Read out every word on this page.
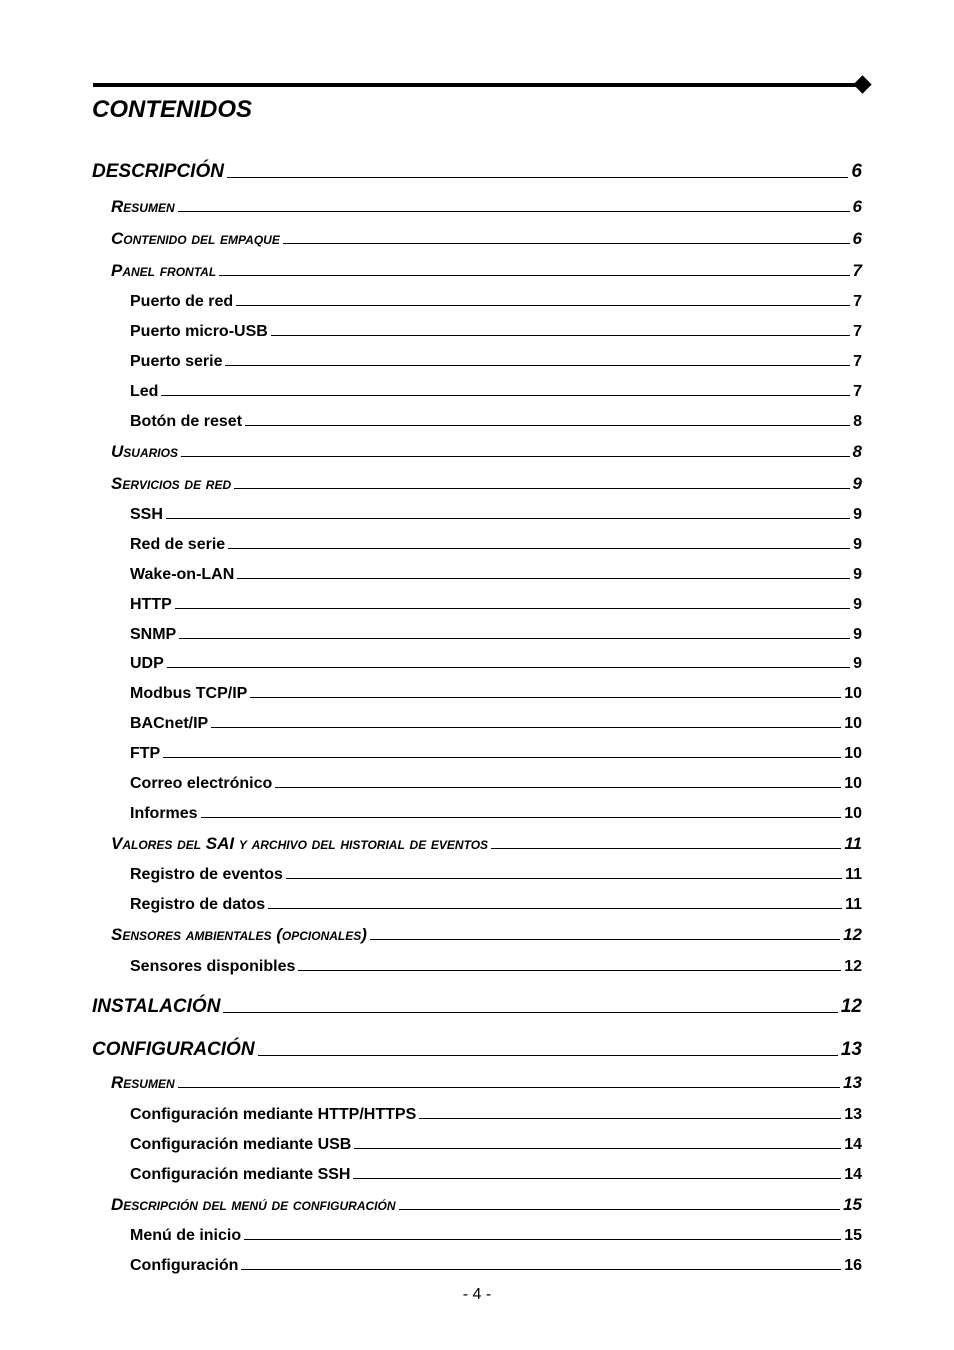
CONTENIDOS
DESCRIPCIÓN	6
Resumen	6
Contenido del empaque	6
Panel frontal	7
Puerto de red	7
Puerto micro-USB	7
Puerto serie	7
Led	7
Botón de reset	8
Usuarios	8
Servicios de red	9
SSH	9
Red de serie	9
Wake-on-LAN	9
HTTP	9
SNMP	9
UDP	9
Modbus TCP/IP	10
BACnet/IP	10
FTP	10
Correo electrónico	10
Informes	10
Valores del SAI y archivo del historial de eventos	11
Registro de eventos	11
Registro de datos	11
Sensores ambientales (opcionales)	12
Sensores disponibles	12
INSTALACIÓN	12
CONFIGURACIÓN	13
Resumen	13
Configuración mediante HTTP/HTTPS	13
Configuración mediante USB	14
Configuración mediante SSH	14
Descripción del menú de configuración	15
Menú de inicio	15
Configuración	16
- 4 -
